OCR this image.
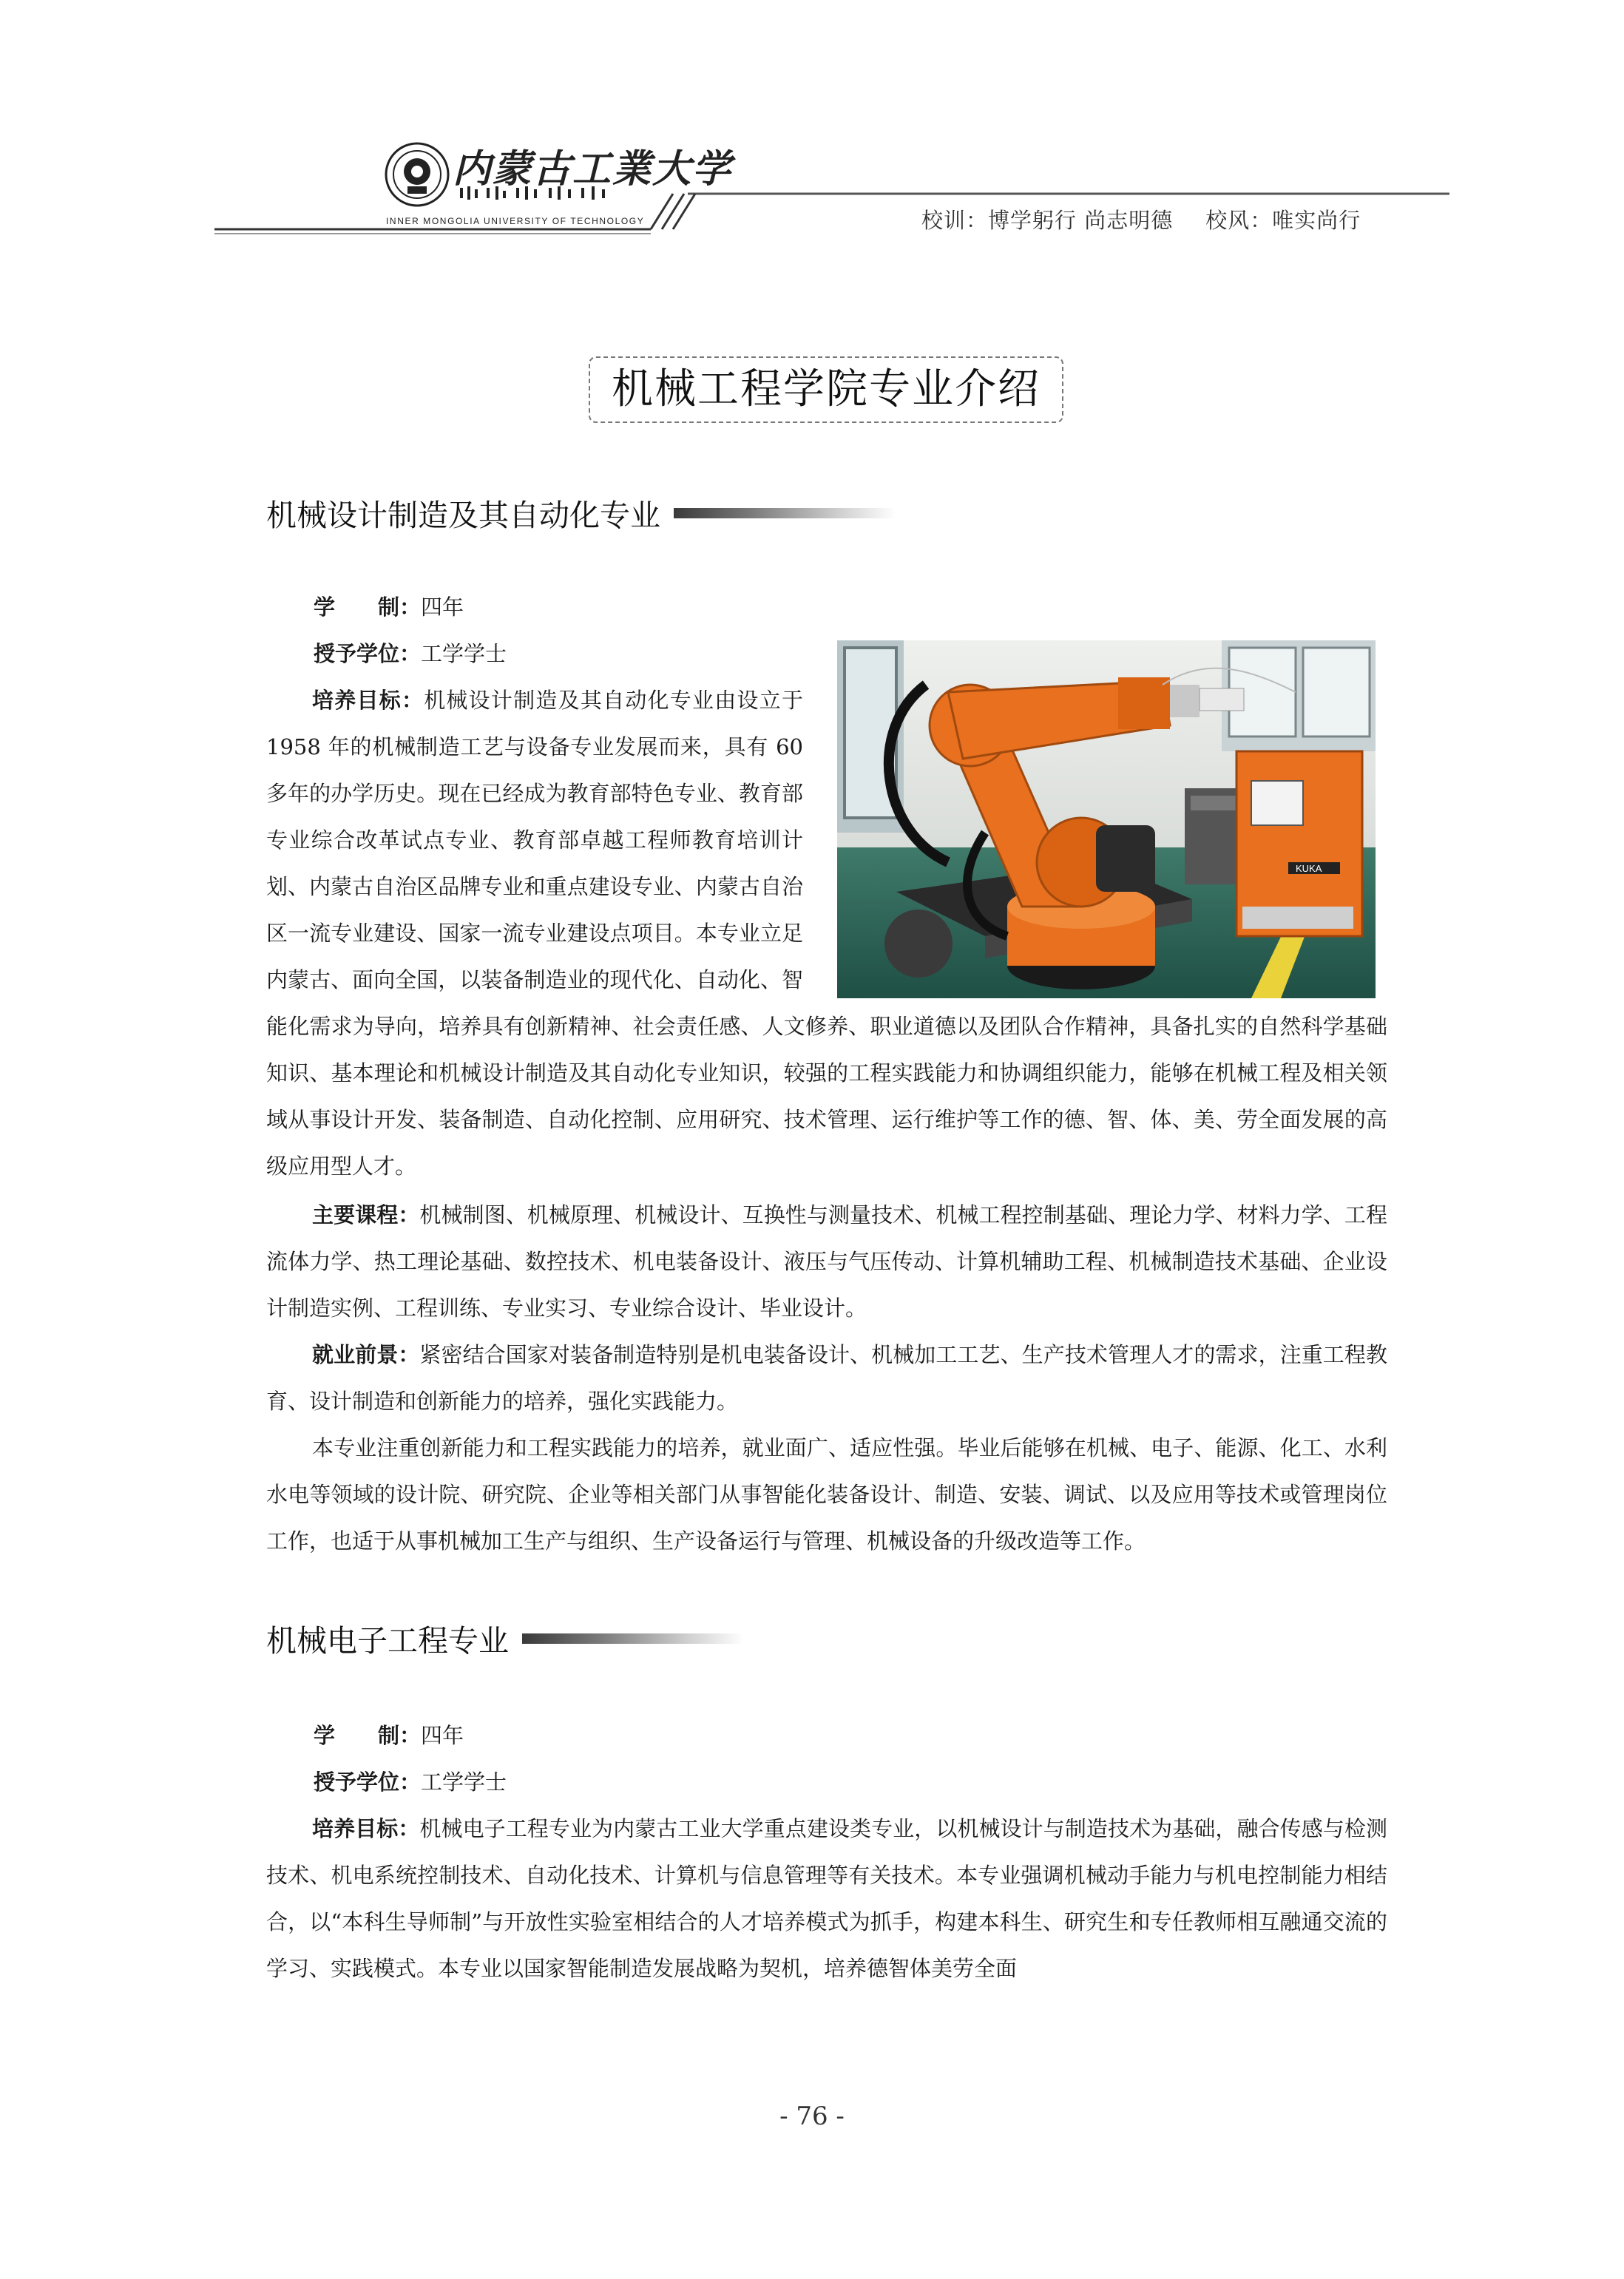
内蒙古工業大学
INNER MONGOLIA UNIVERSITY OF TECHNOLOGY	校训：博学躬行 尚志明德 校风：唯实尚行
机械工程学院专业介绍
机械设计制造及其自动化专业
学　　制：四年
授予学位：工学学士
KUKA
培养目标：机械设计制造及其自动化专业由设立于 1958 年的机械制造工艺与设备专业发展而来，具有 60 多年的办学历史。现在已经成为教育部特色专业、教育部专业综合改革试点专业、教育部卓越工程师教育培训计划、内蒙古自治区品牌专业和重点建设专业、内蒙古自治区一流专业建设、国家一流专业建设点项目。本专业立足内蒙古、面向全国，以装备制造业的现代化、自动化、智能化需求为导向，培养具有创新精神、社会责任感、人文修养、职业道德以及团队合作精神，具备扎实的自然科学基础知识、基本理论和机械设计制造及其自动化专业知识，较强的工程实践能力和协调组织能力，能够在机械工程及相关领域从事设计开发、装备制造、自动化控制、应用研究、技术管理、运行维护等工作的德、智、体、美、劳全面发展的高级应用型人才。
主要课程：机械制图、机械原理、机械设计、互换性与测量技术、机械工程控制基础、理论力学、材料力学、工程流体力学、热工理论基础、数控技术、机电装备设计、液压与气压传动、计算机辅助工程、机械制造技术基础、企业设计制造实例、工程训练、专业实习、专业综合设计、毕业设计。
就业前景：紧密结合国家对装备制造特别是机电装备设计、机械加工工艺、生产技术管理人才的需求，注重工程教育、设计制造和创新能力的培养，强化实践能力。
本专业注重创新能力和工程实践能力的培养，就业面广、适应性强。毕业后能够在机械、电子、能源、化工、水利水电等领域的设计院、研究院、企业等相关部门从事智能化装备设计、制造、安装、调试、以及应用等技术或管理岗位工作，也适于从事机械加工生产与组织、生产设备运行与管理、机械设备的升级改造等工作。
机械电子工程专业
学　　制：四年
授予学位：工学学士
培养目标：机械电子工程专业为内蒙古工业大学重点建设类专业，以机械设计与制造技术为基础，融合传感与检测技术、机电系统控制技术、自动化技术、计算机与信息管理等有关技术。本专业强调机械动手能力与机电控制能力相结合，以“本科生导师制”与开放性实验室相结合的人才培养模式为抓手，构建本科生、研究生和专任教师相互融通交流的学习、实践模式。本专业以国家智能制造发展战略为契机，培养德智体美劳全面
- 76 -
